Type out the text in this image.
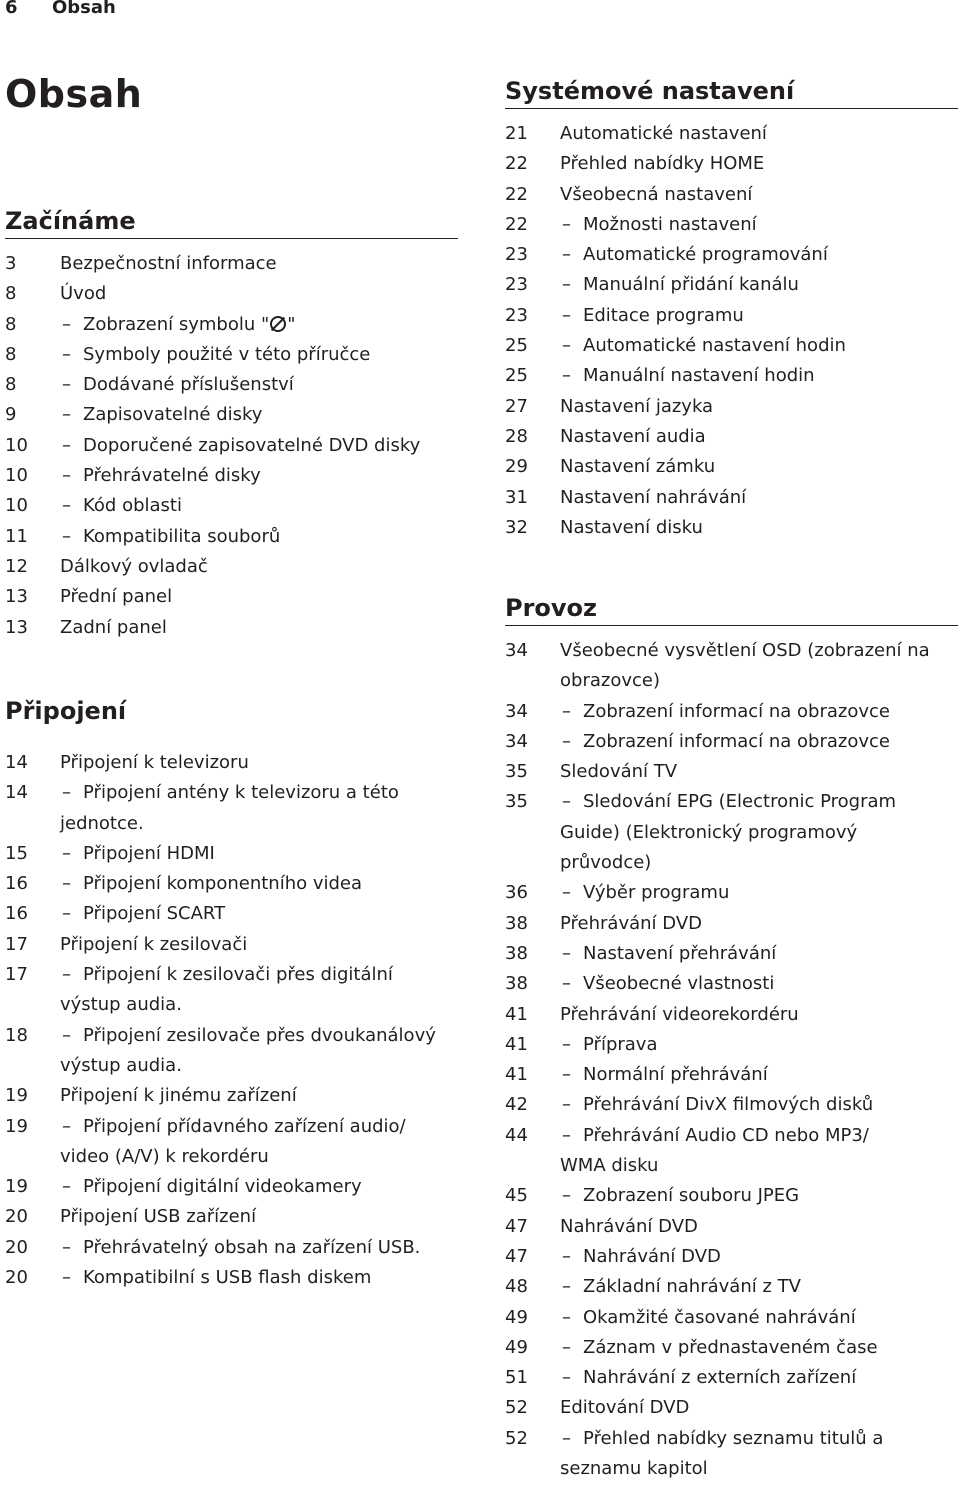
6 Obsah
Obsah
Začínáme
3	Bezpečnostní informace
8	Úvod
8	– Zobrazení symbolu " "
8	– Symboly použité v této příručce
8	– Dodávané příslušenství
9	– Zapisovatelné disky
10	– Doporučené zapisovatelné DVD disky
10	– Přehrávatelné disky
10	– Kód oblasti
11	– Kompatibilita souborů
12	Dálkový ovladač
13	Přední panel
13	Zadní panel
Připojení
14	Připojení k televizoru
14	– Připojení antény k televizoru a této
jednotce.
15	– Připojení HDMI
16	– Připojení komponentního videa
16	– Připojení SCART
17	Připojení k zesilovači
17	– Připojení k zesilovači přes digitální
výstup audia.
18	– Připojení zesilovače přes dvoukanálový
výstup audia.
19	Připojení k jinému zařízení
19	– Připojení přídavného zařízení audio/
video (A/V) k rekordéru
19	– Připojení digitální videokamery
20	Připojení USB zařízení
20	– Přehrávatelný obsah na zařízení USB.
20	– Kompatibilní s USB flash diskem
Systémové nastavení
21	Automatické nastavení
22	Přehled nabídky HOME
22	Všeobecná nastavení
22	– Možnosti nastavení
23	– Automatické programování
23	– Manuální přidání kanálu
23	– Editace programu
25	– Automatické nastavení hodin
25	– Manuální nastavení hodin
27	Nastavení jazyka
28	Nastavení audia
29	Nastavení zámku
31	Nastavení nahrávání
32	Nastavení disku
Provoz
34	Všeobecné vysvětlení OSD (zobrazení na
obrazovce)
34	– Zobrazení informací na obrazovce
34	– Zobrazení informací na obrazovce
35	Sledování TV
35	– Sledování EPG (Electronic Program
Guide) (Elektronický programový
průvodce)
36	– Výběr programu
38	Přehrávání DVD
38	– Nastavení přehrávání
38	– Všeobecné vlastnosti
41	Přehrávání videorekordéru
41	– Příprava
41	– Normální přehrávání
42	– Přehrávání DivX filmových disků
44	– Přehrávání Audio CD nebo MP3/
WMA disku
45	– Zobrazení souboru JPEG
47	Nahrávání DVD
47	– Nahrávání DVD
48	– Základní nahrávání z TV
49	– Okamžité časované nahrávání
49	– Záznam v přednastaveném čase
51	– Nahrávání z externích zařízení
52	Editování DVD
52	– Přehled nabídky seznamu titulů a
seznamu kapitol
